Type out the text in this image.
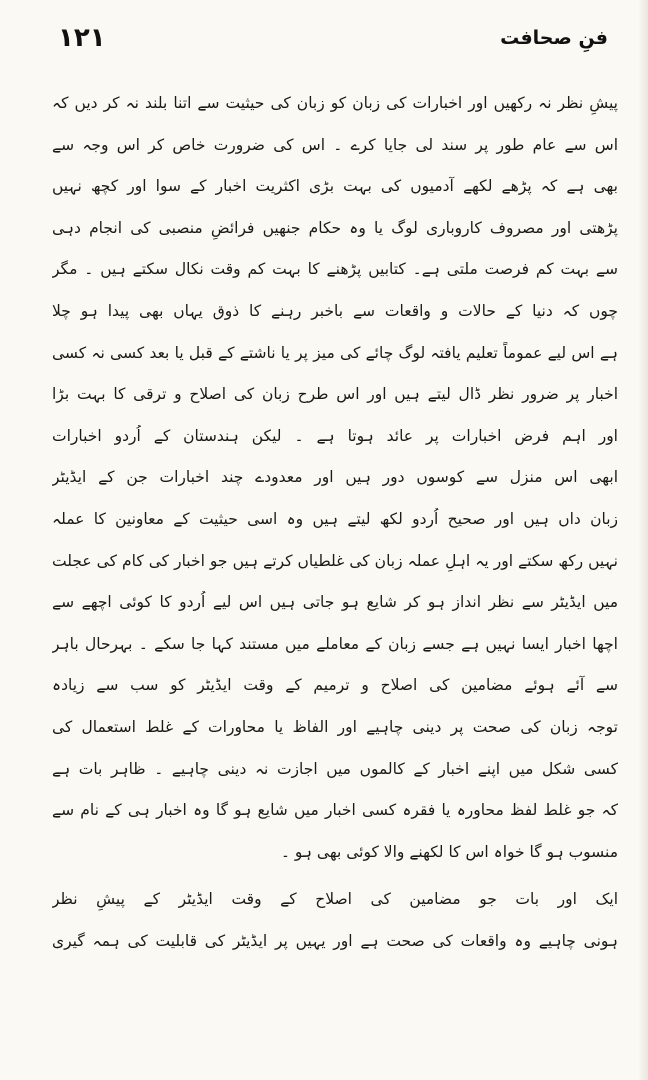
۱۲۱	فنِ صحافت
پیشِ نظر نہ رکھیں اور اخبارات کی زبان کو زبان کی حیثیت سے اتنا بلند نہ کر دیں کہ
اس سے عام طور پر سند لی جایا کرے ۔ اس کی ضرورت خاص کر اس وجہ سے
بھی ہے کہ پڑھے لکھے آدمیوں کی بہت بڑی اکثریت اخبار کے سوا اور کچھ نہیں
پڑھتی اور مصروف کاروباری لوگ یا وہ حکام جنھیں فرائضِ منصبی کی انجام دہی
سے بہت کم فرصت ملتی ہے۔ کتابیں پڑھنے کا بہت کم وقت نکال سکتے ہیں ۔ مگر
چوں کہ دنیا کے حالات و واقعات سے باخبر رہنے کا ذوق یہاں بھی پیدا ہو چلا
ہے اس لیے عموماً تعلیم یافتہ لوگ چائے کی میز پر یا ناشتے کے قبل یا بعد کسی نہ کسی
اخبار پر ضرور نظر ڈال لیتے ہیں اور اس طرح زبان کی اصلاح و ترقی کا بہت بڑا
اور اہم فرض اخبارات پر عائد ہوتا ہے ۔ لیکن ہندستان کے اُردو اخبارات
ابھی اس منزل سے کوسوں دور ہیں اور معدودے چند اخبارات جن کے ایڈیٹر
زبان داں ہیں اور صحیح اُردو لکھ لیتے ہیں وہ اسی حیثیت کے معاونین کا عملہ
نہیں رکھ سکتے اور یہ اہلِ عملہ زبان کی غلطیاں کرتے ہیں جو اخبار کی کام کی عجلت
میں ایڈیٹر سے نظر انداز ہو کر شایع ہو جاتی ہیں اس لیے اُردو کا کوئی اچھے سے
اچھا اخبار ایسا نہیں ہے جسے زبان کے معاملے میں مستند کہا جا سکے ۔ بہرحال باہر
سے آئے ہوئے مضامین کی اصلاح و ترمیم کے وقت ایڈیٹر کو سب سے زیادہ
توجہ زبان کی صحت پر دینی چاہیے اور الفاظ یا محاورات کے غلط استعمال کی
کسی شکل میں اپنے اخبار کے کالموں میں اجازت نہ دینی چاہیے ۔ ظاہر بات ہے
کہ جو غلط لفظ محاورہ یا فقرہ کسی اخبار میں شایع ہو گا وہ اخبار ہی کے نام سے
منسوب ہو گا خواہ اس کا لکھنے والا کوئی بھی ہو ۔
ایک اور بات جو مضامین کی اصلاح کے وقت ایڈیٹر کے پیشِ نظر
ہونی چاہیے وہ واقعات کی صحت ہے اور یہیں پر ایڈیٹر کی قابلیت کی ہمہ گیری
